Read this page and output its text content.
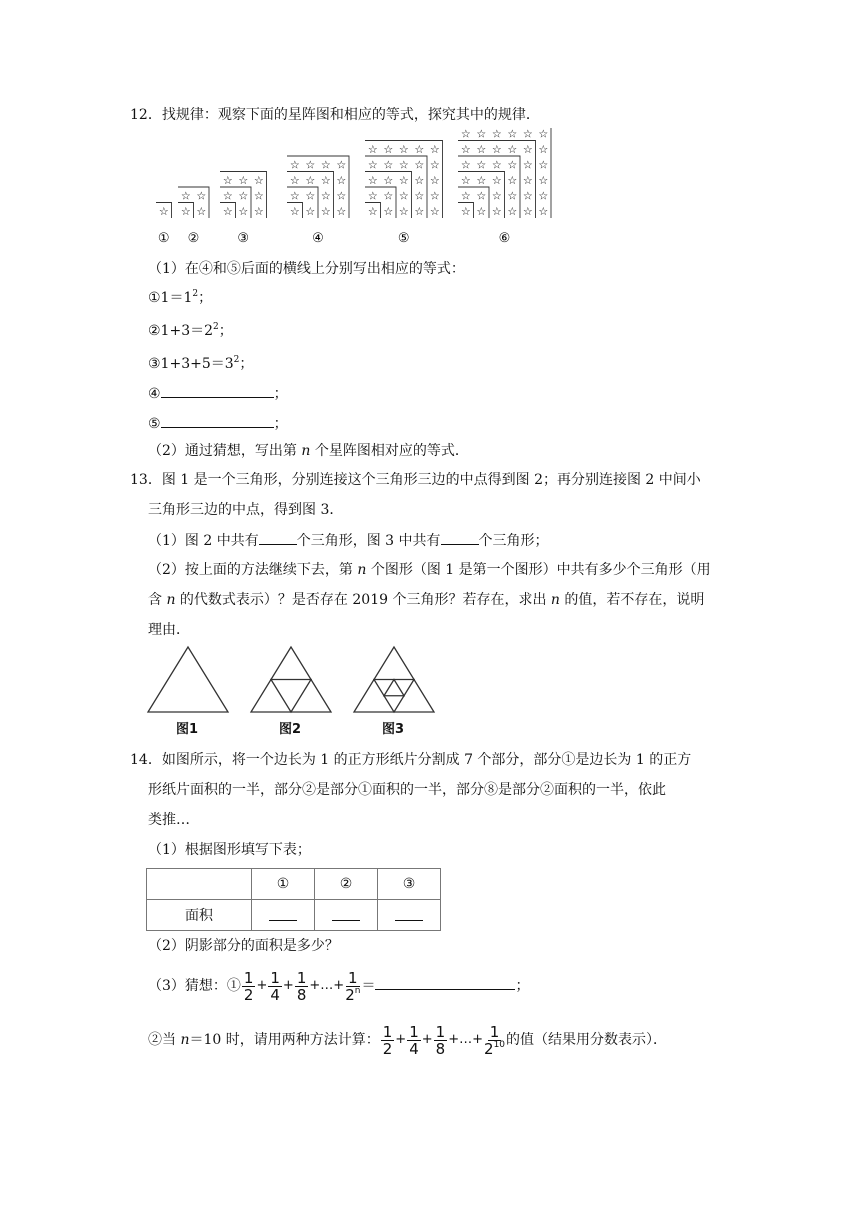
12．找规律：观察下面的星阵图和相应的等式，探究其中的规律．
☆
①
☆ ☆
☆ ☆
②
☆ ☆ ☆
☆ ☆ ☆
☆ ☆ ☆
③
☆ ☆ ☆ ☆
☆ ☆ ☆ ☆
☆ ☆ ☆ ☆
☆ ☆ ☆ ☆
④
☆ ☆ ☆ ☆ ☆
☆ ☆ ☆ ☆ ☆
☆ ☆ ☆ ☆ ☆
☆ ☆ ☆ ☆ ☆
☆ ☆ ☆ ☆ ☆
⑤
☆ ☆ ☆ ☆ ☆ ☆
☆ ☆ ☆ ☆ ☆ ☆
☆ ☆ ☆ ☆ ☆ ☆
☆ ☆ ☆ ☆ ☆ ☆
☆ ☆ ☆ ☆ ☆ ☆
☆ ☆ ☆ ☆ ☆ ☆
⑥
（1）在④和⑤后面的横线上分别写出相应的等式：
$①1=1^2$；
$②1+3=2^2$；
$③1+3+5=3^2$；
④	；
⑤	；
（2）通过猜想，写出第 n 个星阵图相对应的等式．
13．图 1 是一个三角形，分别连接这个三角形三边的中点得到图 2；再分别连接图 2 中间小
三角形三边的中点，得到图 3．
（1）图 2 中共有	个三角形，图 3 中共有	个三角形；
（2）按上面的方法继续下去，第 n 个图形（图 1 是第一个图形）中共有多少个三角形（用
含 n 的代数式表示）？是否存在 2019 个三角形？若存在，求出 n 的值，若不存在，说明
理由．
图1	图2	图3
14．如图所示，将一个边长为 1 的正方形纸片分割成 7 个部分，部分①是边长为 1 的正方
形纸片面积的一半，部分②是部分①面积的一半，部分⑧是部分②面积的一半，依此
类推…
（1）根据图形填写下表；
	①	②	③
面积			
（2）阴影部分的面积是多少？
（3）猜想：① $\frac{1}{2} + \frac{1}{4} + \frac{1}{8}$ +…+ $\frac{1}{2^n}$ ＝	；
②当 n＝10 时，请用两种方法计算： $\frac{1}{2} + \frac{1}{4} + \frac{1}{8}$ +…+ $\frac{1}{2^{10}}$ 的值（结果用分数表示）．
